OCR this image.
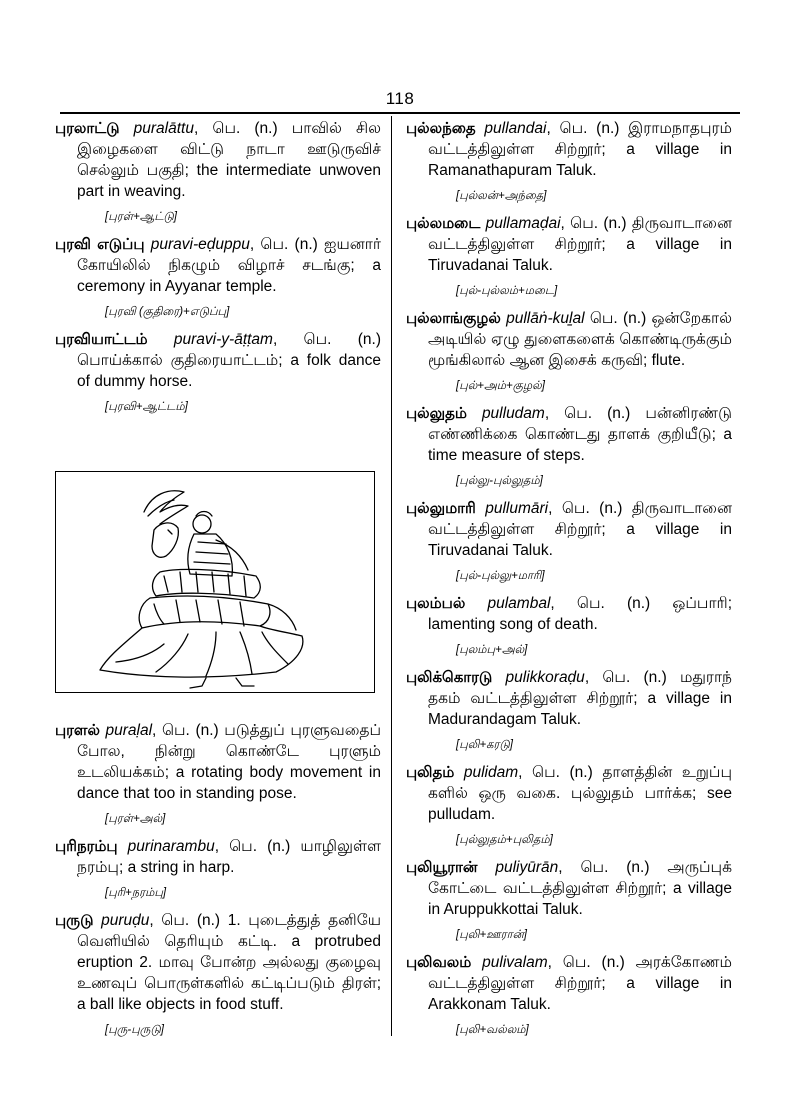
118

புரலாட்டு puralāttu, பெ. (n.) பாவில் சில இழைகளை விட்டு நாடா ஊடுருவிச் செல்லும் பகுதி; the intermediate unwoven part in weaving.

[புரள்+ஆட்டு]

புரவி எடுப்பு puravi-eḍuppu, பெ. (n.) ஐயனார் கோயிலில் நிகழும் விழாச் சடங்கு; a ceremony in Ayyanar temple.

[புரவி (குதிரை)+எடுப்பு]

புரவியாட்டம் puravi-y-āṭṭam, பெ. (n.) பொய்க்கால் குதிரையாட்டம்; a folk dance of dummy horse.

[புரவி+ஆட்டம்]

புரளல் puraḷal, பெ. (n.) படுத்துப் புரளுவதைப் போல, நின்று கொண்டே புரளும் உடலியக்கம்; a rotating body movement in dance that too in standing pose.

[புரள்+அல்]

புரிநரம்பு purinarambu, பெ. (n.) யாழிலுள்ள நரம்பு; a string in harp.

[புரி+நரம்பு]

புருடு puruḍu, பெ. (n.) 1. புடைத்துத் தனியே வெளியில் தெரியும் கட்டி. a protrubed eruption 2. மாவு போன்ற அல்லது குழைவு உணவுப் பொருள்களில் கட்டிப்படும் திரள்; a ball like objects in food stuff.

[புரு-புருடு]

புல்லந்தை pullandai, பெ. (n.) இராமநாதபுரம் வட்டத்திலுள்ள சிற்றூர்; a village in Ramanathapuram Taluk.

[புல்லன்+அந்தை]

புல்லமடை pullamaḍai, பெ. (n.) திருவாடானை வட்டத்திலுள்ள சிற்றூர்; a village in Tiruvadanai Taluk.

[புல்-புல்லம்+மடை]

புல்லாங்குழல் pullāṅ-kuḻal பெ. (n.) ஒன்றேகால் அடியில் ஏழு துளைகளைக் கொண்டிருக்கும் மூங்கிலால் ஆன இசைக் கருவி; flute.

[புல்+அம்+குழல்]

புல்லுதம் pulludam, பெ. (n.) பன்னிரண்டு எண்ணிக்கை கொண்டது தாளக் குறியீடு; a time measure of steps.

[புல்லு-புல்லுதம்]

புல்லுமாரி pullumāri, பெ. (n.) திருவாடானை வட்டத்திலுள்ள சிற்றூர்; a village in Tiruvadanai Taluk.

[புல்-புல்லு+மாரி]

புலம்பல் pulambal, பெ. (n.) ஒப்பாரி; lamenting song of death.

[புலம்பு+அல்]

புலிக்கொரடு pulikkoraḍu, பெ. (n.) மதுராந் தகம் வட்டத்திலுள்ள சிற்றூர்; a village in Madurandagam Taluk.

[புலி+கரடு]

புலிதம் pulidam, பெ. (n.) தாளத்தின் உறுப்பு களில் ஒரு வகை. புல்லுதம் பார்க்க; see pulludam.

[புல்லுதம்+புலிதம்]

புலியூரான் puliyūrān, பெ. (n.) அருப்புக் கோட்டை வட்டத்திலுள்ள சிற்றூர்; a village in Aruppukkottai Taluk.

[புலி+ஊரான்]

புலிவலம் pulivalam, பெ. (n.) அரக்கோணம் வட்டத்திலுள்ள சிற்றூர்; a village in Arakkonam Taluk.

[புலி+வல்லம்]
